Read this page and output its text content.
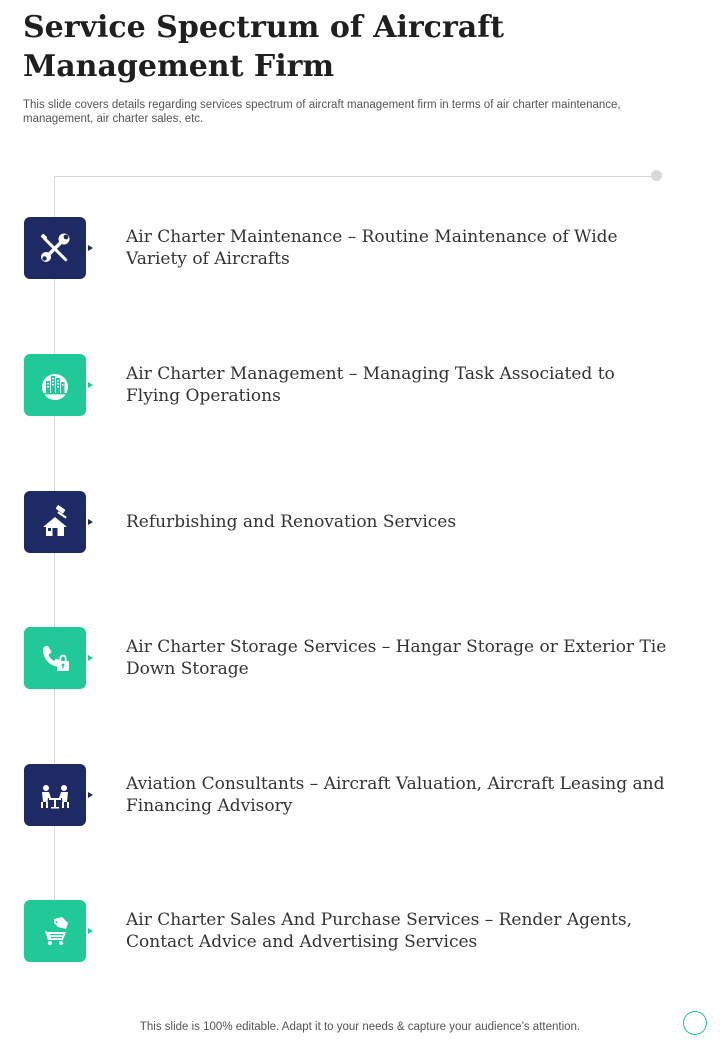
Service Spectrum of Aircraft Management Firm

This slide covers details regarding services spectrum of aircraft management firm in terms of air charter maintenance, management, air charter sales, etc.

Air Charter Maintenance – Routine Maintenance of Wide Variety of Aircrafts

Air Charter Management – Managing Task Associated to Flying Operations

Refurbishing and Renovation Services

Air Charter Storage Services – Hangar Storage or Exterior Tie Down Storage

Aviation Consultants – Aircraft Valuation, Aircraft Leasing and Financing Advisory

Air Charter Sales And Purchase Services – Render Agents, Contact Advice and Advertising Services

This slide is 100% editable. Adapt it to your needs & capture your audience’s attention.
